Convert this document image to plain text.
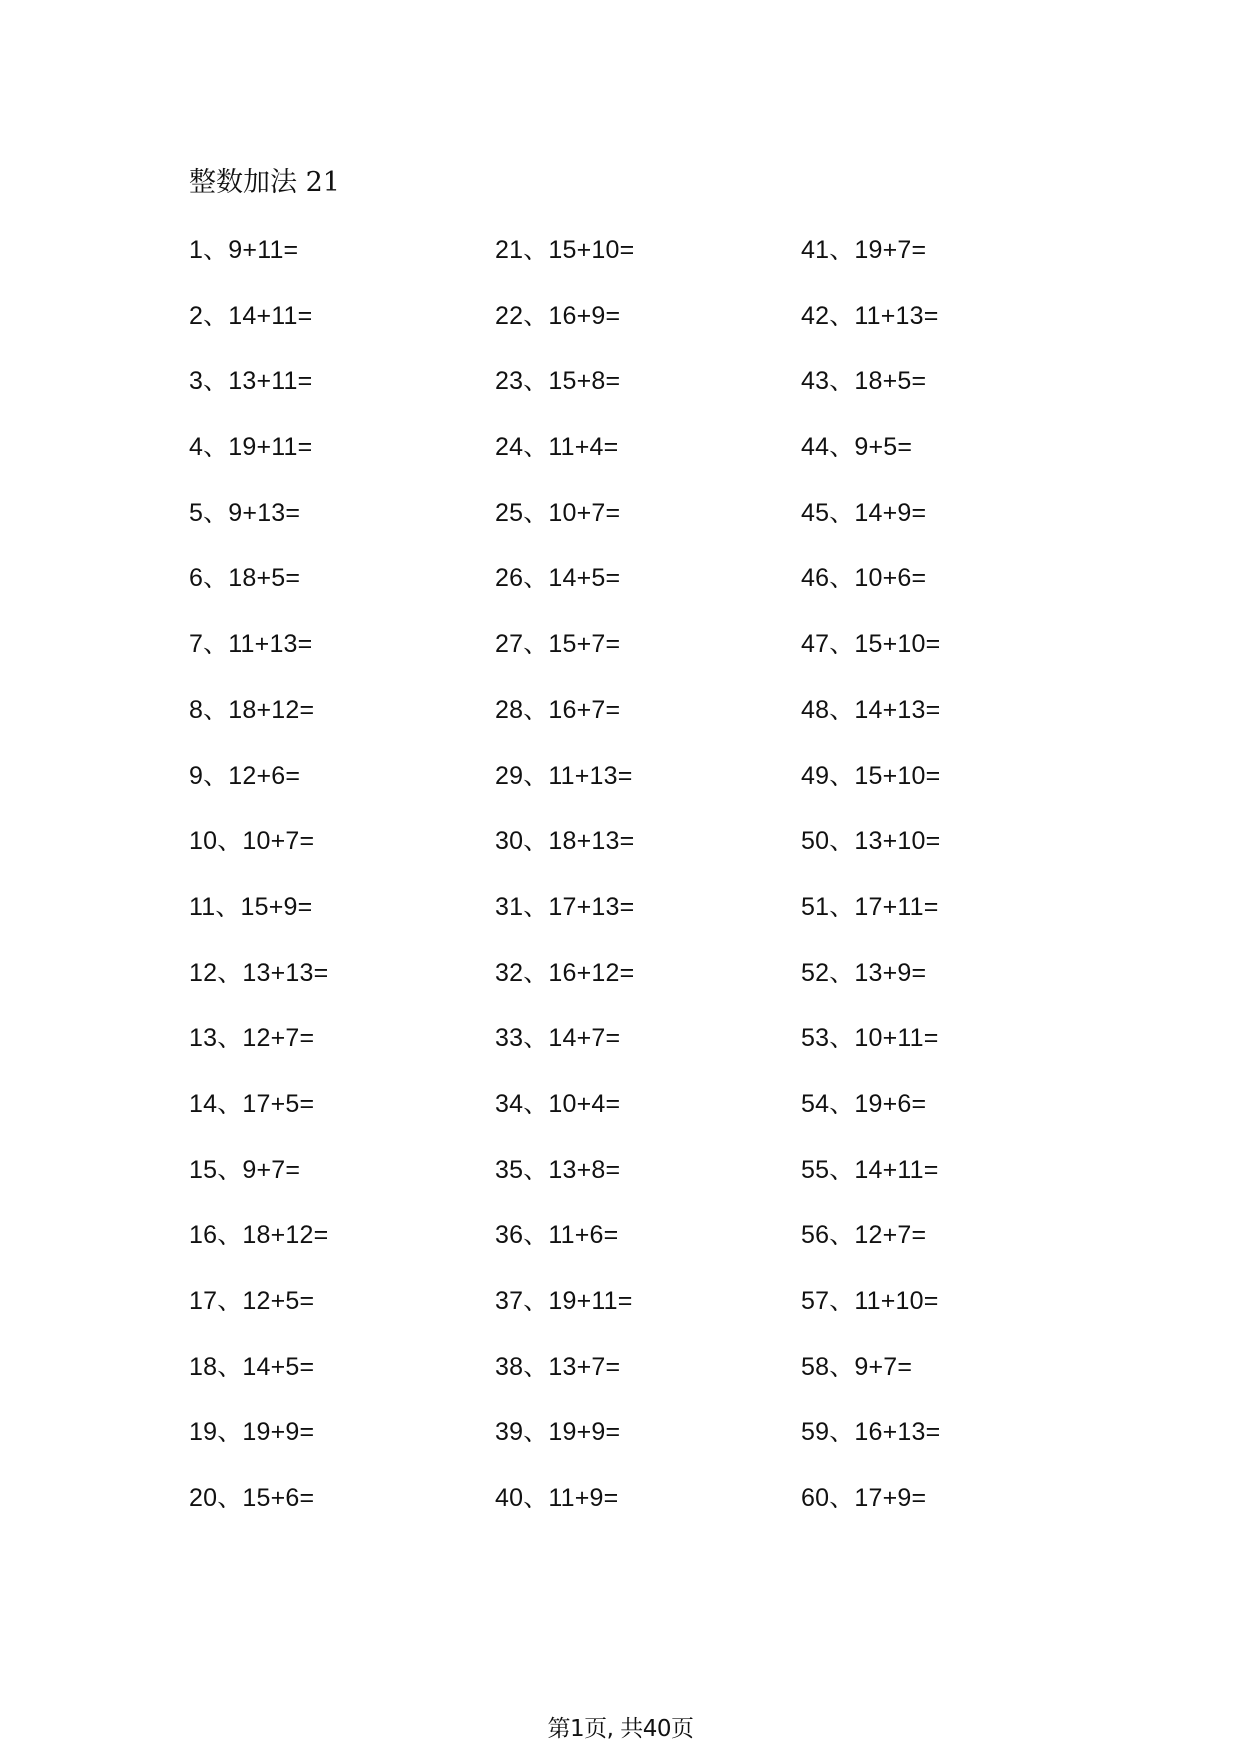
整数加法 21
1、9+11=
2、14+11=
3、13+11=
4、19+11=
5、9+13=
6、18+5=
7、11+13=
8、18+12=
9、12+6=
10、10+7=
11、15+9=
12、13+13=
13、12+7=
14、17+5=
15、9+7=
16、18+12=
17、12+5=
18、14+5=
19、19+9=
20、15+6=
21、15+10=
22、16+9=
23、15+8=
24、11+4=
25、10+7=
26、14+5=
27、15+7=
28、16+7=
29、11+13=
30、18+13=
31、17+13=
32、16+12=
33、14+7=
34、10+4=
35、13+8=
36、11+6=
37、19+11=
38、13+7=
39、19+9=
40、11+9=
41、19+7=
42、11+13=
43、18+5=
44、9+5=
45、14+9=
46、10+6=
47、15+10=
48、14+13=
49、15+10=
50、13+10=
51、17+11=
52、13+9=
53、10+11=
54、19+6=
55、14+11=
56、12+7=
57、11+10=
58、9+7=
59、16+13=
60、17+9=
第1页, 共40页
